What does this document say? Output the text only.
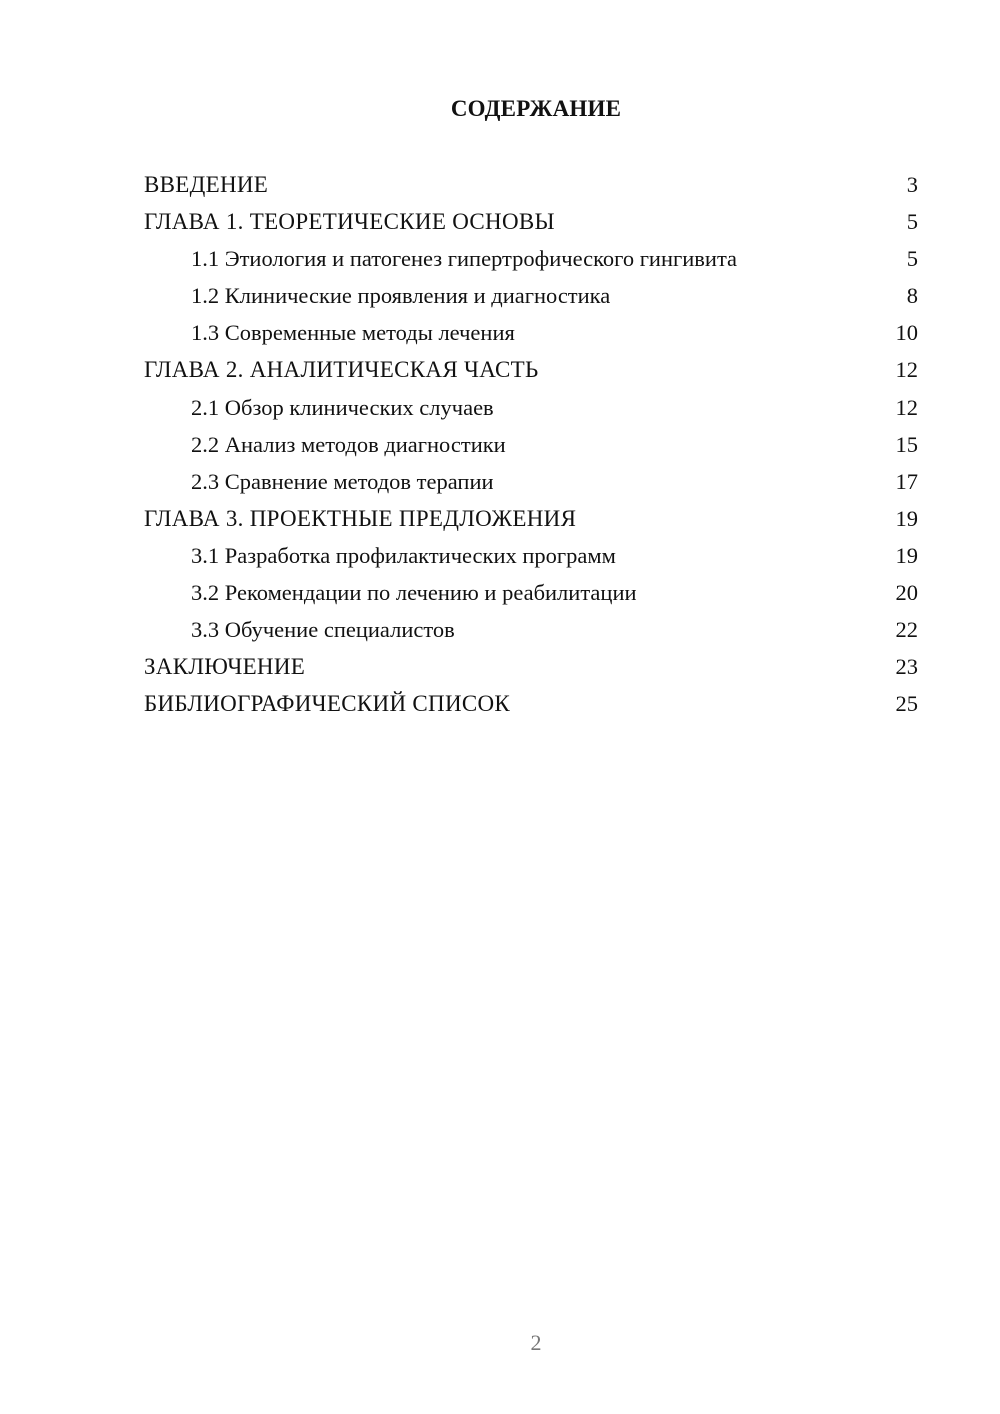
СОДЕРЖАНИЕ
ВВЕДЕНИЕ	3
ГЛАВА 1. ТЕОРЕТИЧЕСКИЕ ОСНОВЫ	5
1.1 Этиология и патогенез гипертрофического гингивита	5
1.2 Клинические проявления и диагностика	8
1.3 Современные методы лечения	10
ГЛАВА 2. АНАЛИТИЧЕСКАЯ ЧАСТЬ	12
2.1 Обзор клинических случаев	12
2.2 Анализ методов диагностики	15
2.3 Сравнение методов терапии	17
ГЛАВА 3. ПРОЕКТНЫЕ ПРЕДЛОЖЕНИЯ	19
3.1 Разработка профилактических программ	19
3.2 Рекомендации по лечению и реабилитации	20
3.3 Обучение специалистов	22
ЗАКЛЮЧЕНИЕ	23
БИБЛИОГРАФИЧЕСКИЙ СПИСОК	25
2
